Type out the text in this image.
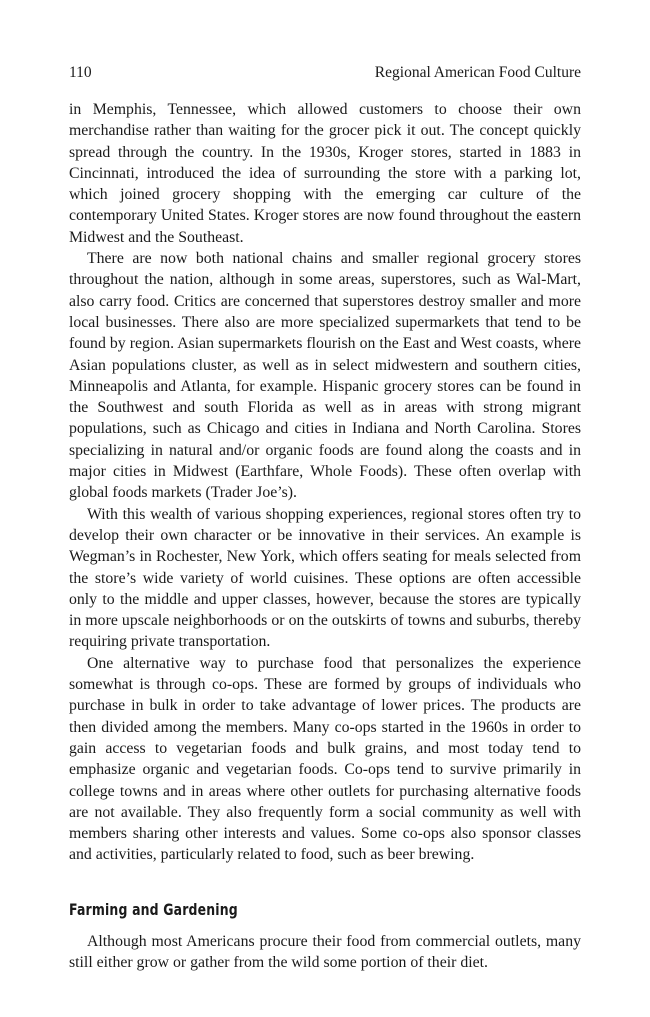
110	Regional American Food Culture

in Memphis, Tennessee, which allowed customers to choose their own merchandise rather than waiting for the grocer pick it out. The concept quickly spread through the country. In the 1930s, Kroger stores, started in 1883 in Cincinnati, introduced the idea of surrounding the store with a parking lot, which joined grocery shopping with the emerging car culture of the contemporary United States. Kroger stores are now found throughout the eastern Midwest and the Southeast.

There are now both national chains and smaller regional grocery stores throughout the nation, although in some areas, superstores, such as Wal-Mart, also carry food. Critics are concerned that superstores destroy smaller and more local businesses. There also are more specialized supermarkets that tend to be found by region. Asian supermarkets flourish on the East and West coasts, where Asian populations cluster, as well as in select midwestern and southern cities, Minneapolis and Atlanta, for example. Hispanic grocery stores can be found in the Southwest and south Florida as well as in areas with strong migrant populations, such as Chicago and cities in Indiana and North Carolina. Stores specializing in natural and/or organic foods are found along the coasts and in major cities in Midwest (Earthfare, Whole Foods). These often overlap with global foods markets (Trader Joe’s).

With this wealth of various shopping experiences, regional stores often try to develop their own character or be innovative in their services. An example is Wegman’s in Rochester, New York, which offers seating for meals selected from the store’s wide variety of world cuisines. These options are often accessible only to the middle and upper classes, however, because the stores are typically in more upscale neighborhoods or on the outskirts of towns and suburbs, thereby requiring private transportation.

One alternative way to purchase food that personalizes the experience somewhat is through co-ops. These are formed by groups of individuals who purchase in bulk in order to take advantage of lower prices. The products are then divided among the members. Many co-ops started in the 1960s in order to gain access to vegetarian foods and bulk grains, and most today tend to emphasize organic and vegetarian foods. Co-ops tend to survive primarily in college towns and in areas where other outlets for purchasing alternative foods are not available. They also frequently form a social community as well with members sharing other interests and values. Some co-ops also sponsor classes and activities, particularly related to food, such as beer brewing.

Farming and Gardening

Although most Americans procure their food from commercial outlets, many still either grow or gather from the wild some portion of their diet.
